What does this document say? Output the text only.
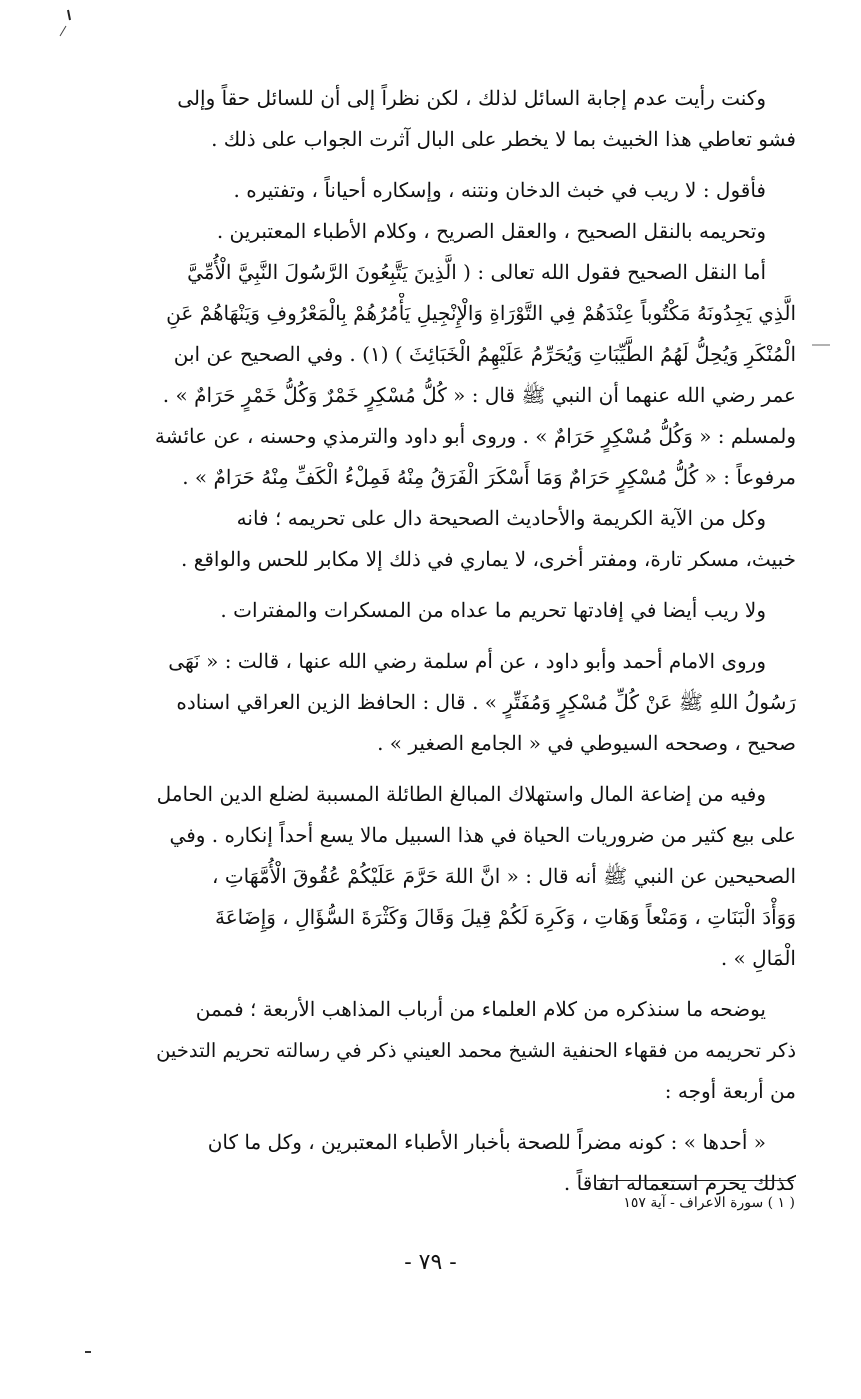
وكنت رأيت عدم إجابة السائل لذلك ، لكن نظراً إلى أن للسائل حقاً وإلى
فشو تعاطي هذا الخبيث بما لا يخطر على البال آثرت الجواب على ذلك .
فأقول : لا ريب في خبث الدخان ونتنه ، وإسكاره أحياناً ، وتفتيره .
وتحريمه بالنقل الصحيح ، والعقل الصريح ، وكلام الأطباء المعتبرين .
أما النقل الصحيح فقول الله تعالى : ( الَّذِينَ يَتَّبِعُونَ الرَّسُولَ النَّبِيَّ الْأُمِّيَّ
الَّذِي يَجِدُونَهُ مَكْتُوباً عِنْدَهُمْ فِي التَّوْرَاةِ وَالْإِنْجِيلِ يَأْمُرُهُمْ بِالْمَعْرُوفِ وَيَنْهَاهُمْ عَنِ
الْمُنْكَرِ وَيُحِلُّ لَهُمُ الطَّيِّبَاتِ وَيُحَرِّمُ عَلَيْهِمُ الْخَبَائِثَ ) (١) . وفي الصحيح عن ابن
عمر رضي الله عنهما أن النبي ﷺ قال : « كُلُّ مُسْكِرٍ خَمْرٌ وَكُلُّ خَمْرٍ حَرَامٌ » .
ولمسلم : « وَكُلُّ مُسْكِرٍ حَرَامٌ » . وروى أبو داود والترمذي وحسنه ، عن عائشة
مرفوعاً : « كُلُّ مُسْكِرٍ حَرَامٌ وَمَا أَسْكَرَ الْفَرَقُ مِنْهُ فَمِلْءُ الْكَفِّ مِنْهُ حَرَامٌ » .
وكل من الآية الكريمة والأحاديث الصحيحة دال على تحريمه ؛ فانه
خبيث، مسكر تارة، ومفتر أخرى، لا يماري في ذلك إلا مكابر للحس والواقع .
ولا ريب أيضا في إفادتها تحريم ما عداه من المسكرات والمفترات .
وروى الامام أحمد وأبو داود ، عن أم سلمة رضي الله عنها ، قالت : « نَهَى
رَسُولُ اللهِ ﷺ عَنْ كُلِّ مُسْكِرٍ وَمُفَتِّرٍ » . قال : الحافظ الزين العراقي اسناده
صحيح ، وصححه السيوطي في « الجامع الصغير » .
وفيه من إضاعة المال واستهلاك المبالغ الطائلة المسببة لضلع الدين الحامل
على بيع كثير من ضروريات الحياة في هذا السبيل مالا يسع أحداً إنكاره . وفي
الصحيحين عن النبي ﷺ أنه قال : « انَّ اللهَ حَرَّمَ عَلَيْكُمْ عُقُوقَ الْأُمَّهَاتِ ،
وَوَأْدَ الْبَنَاتِ ، وَمَنْعاً وَهَاتِ ، وَكَرِهَ لَكُمْ قِيلَ وَقَالَ وَكَثْرَةَ السُّؤَالِ ، وَإِضَاعَةَ
الْمَالِ » .
يوضحه ما سنذكره من كلام العلماء من أرباب المذاهب الأربعة ؛ فممن
ذكر تحريمه من فقهاء الحنفية الشيخ محمد العيني ذكر في رسالته تحريم التدخين
من أربعة أوجه :
« أحدها » : كونه مضراً للصحة بأخبار الأطباء المعتبرين ، وكل ما كان
كذلك يحرم استعماله اتفاقاً .
( ١ ) سورة الاعراف - آية ١٥٧
- ٧٩ -
